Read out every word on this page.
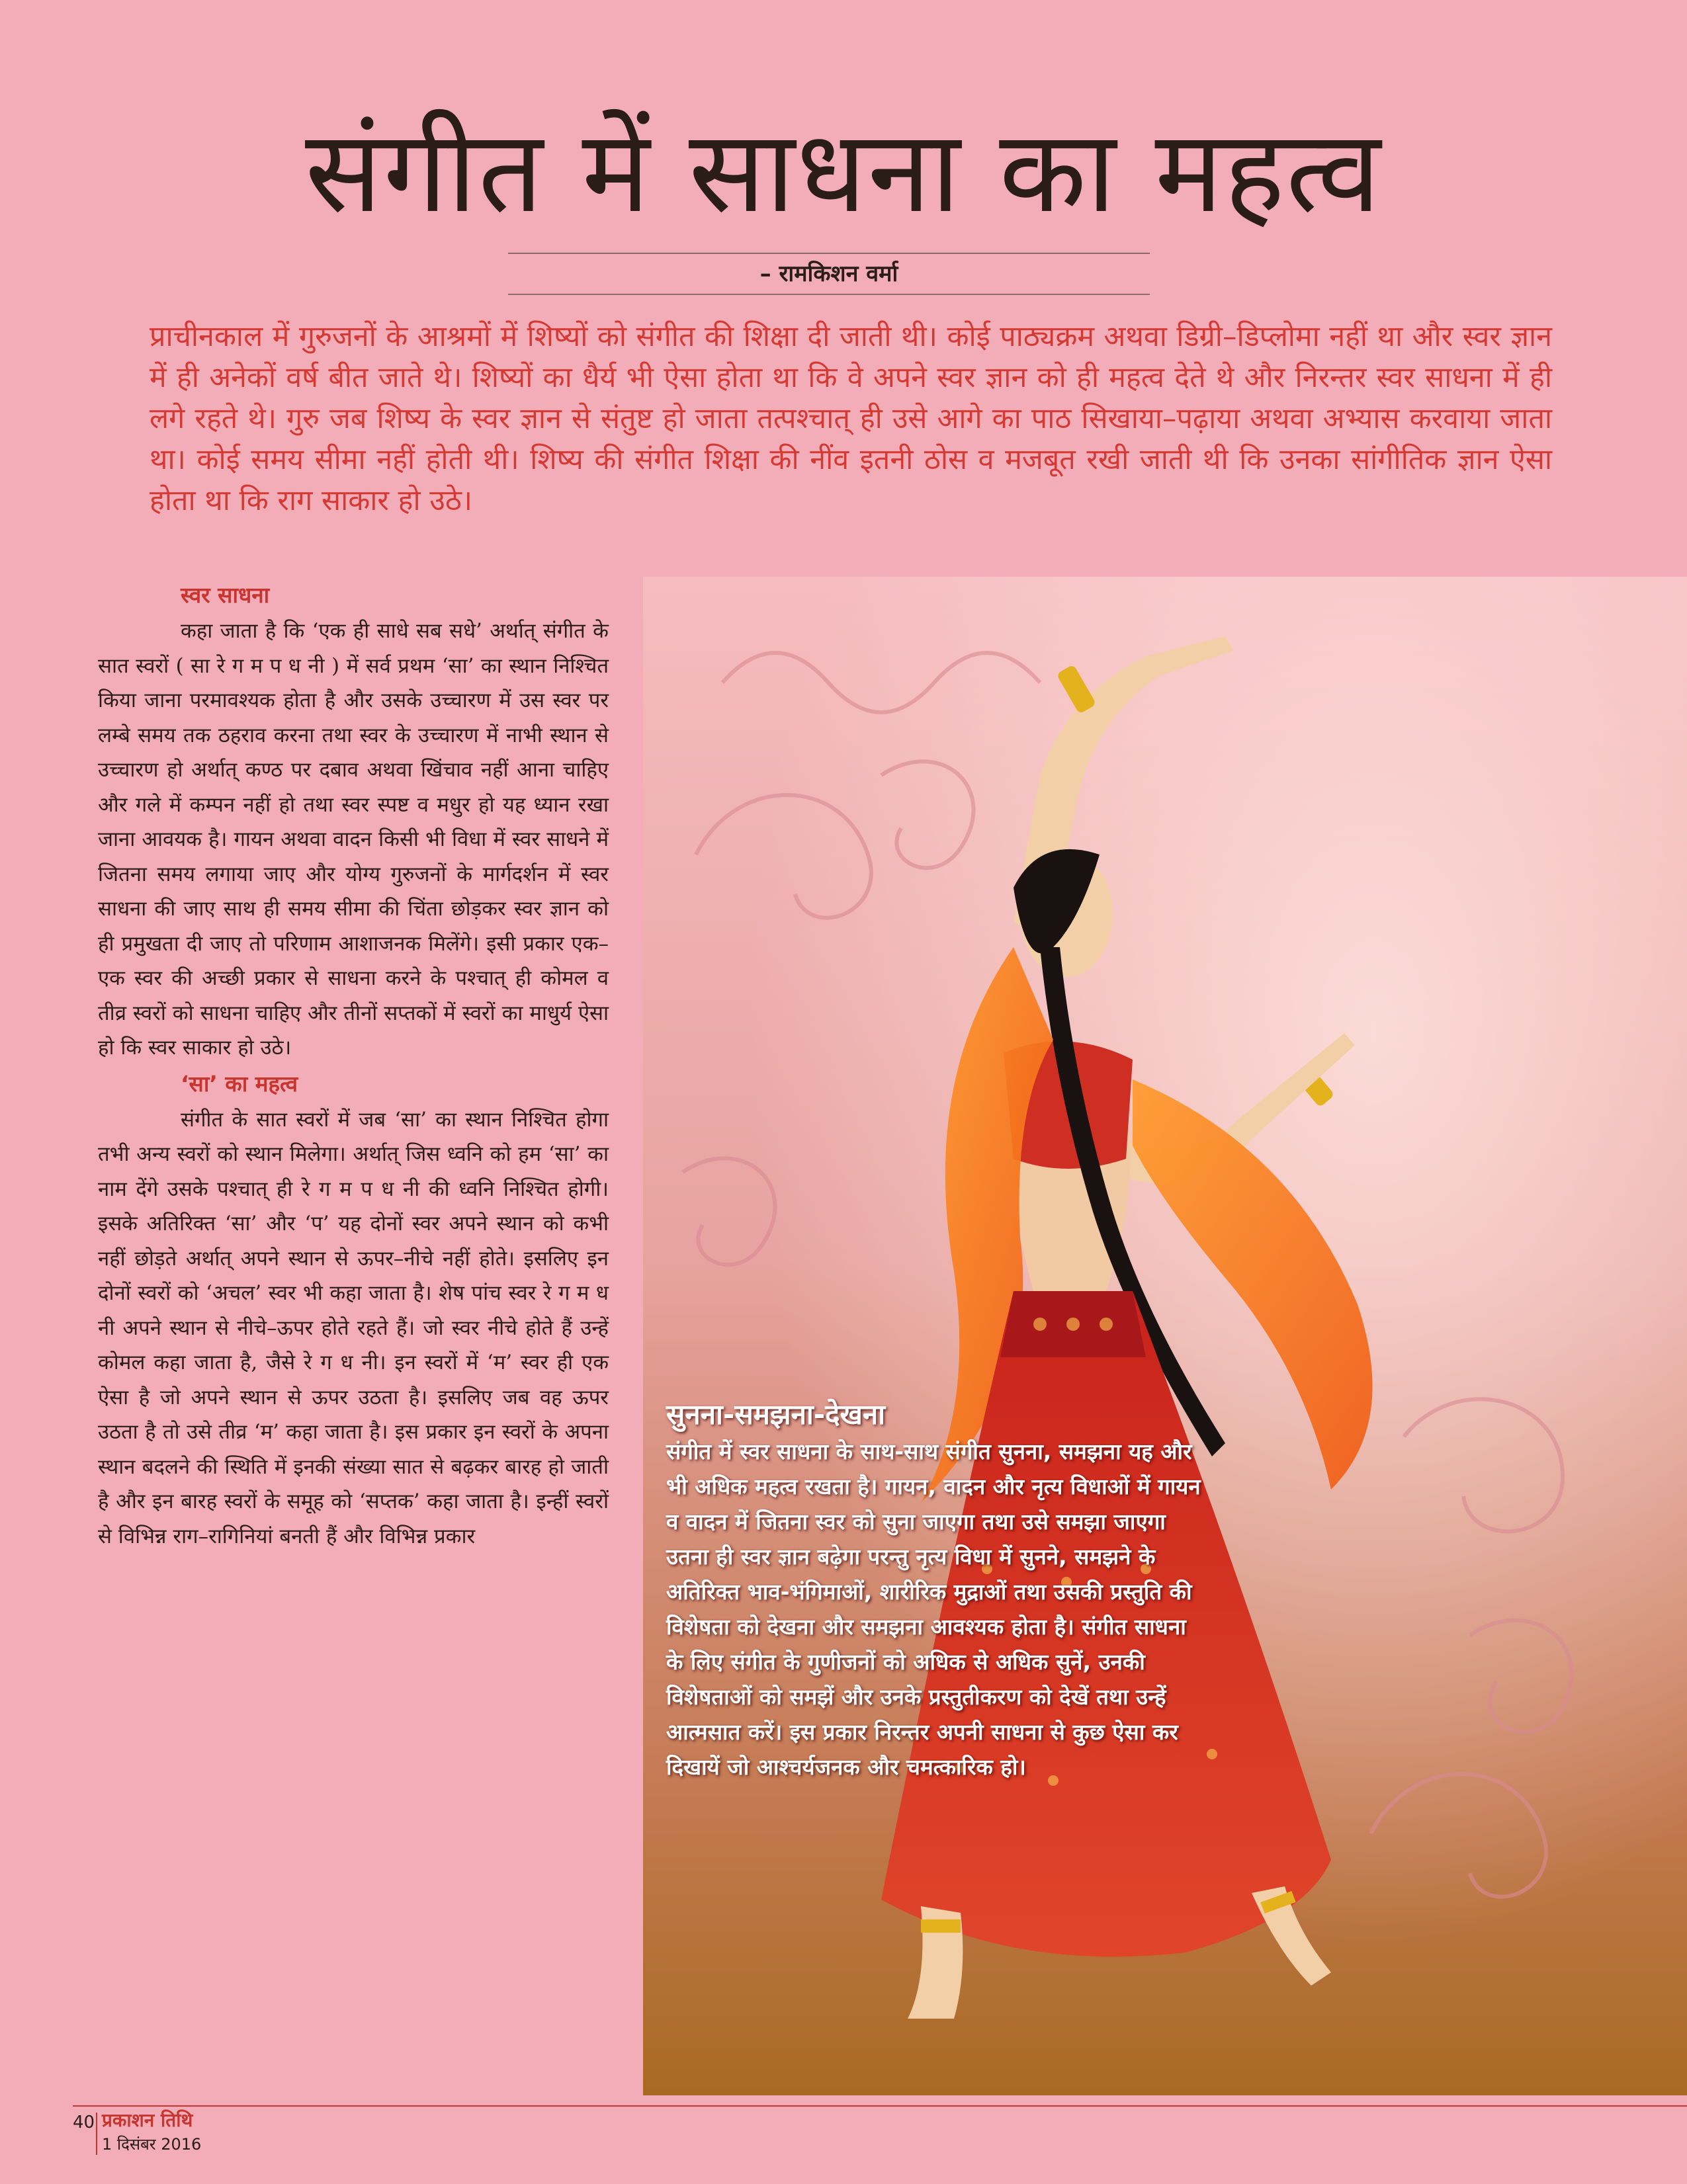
संगीत में साधना का महत्व
– रामकिशन वर्मा

प्राचीनकाल में गुरुजनों के आश्रमों में शिष्यों को संगीत की शिक्षा दी जाती थी। कोई पाठ्यक्रम अथवा डिग्री–डिप्लोमा नहीं था और स्वर ज्ञान में ही अनेकों वर्ष बीत जाते थे। शिष्यों का धैर्य भी ऐसा होता था कि वे अपने स्वर ज्ञान को ही महत्व देते थे और निरन्तर स्वर साधना में ही लगे रहते थे। गुरु जब शिष्य के स्वर ज्ञान से संतुष्ट हो जाता तत्पश्चात् ही उसे आगे का पाठ सिखाया–पढ़ाया अथवा अभ्यास करवाया जाता था। कोई समय सीमा नहीं होती थी। शिष्य की संगीत शिक्षा की नींव इतनी ठोस व मजबूत रखी जाती थी कि उनका सांगीतिक ज्ञान ऐसा होता था कि राग साकार हो उठे।

स्वर साधना

कहा जाता है कि ‘एक ही साधे सब सधे’ अर्थात् संगीत के सात स्वरों ( सा रे ग म प ध नी ) में सर्व प्रथम ‘सा’ का स्थान निश्चित किया जाना परमावश्यक होता है और उसके उच्चारण में उस स्वर पर लम्बे समय तक ठहराव करना तथा स्वर के उच्चारण में नाभी स्थान से उच्चारण हो अर्थात् कण्ठ पर दबाव अथवा खिंचाव नहीं आना चाहिए और गले में कम्पन नहीं हो तथा स्वर स्पष्ट व मधुर हो यह ध्यान रखा जाना आवयक है। गायन अथवा वादन किसी भी विधा में स्वर साधने में जितना समय लगाया जाए और योग्य गुरुजनों के मार्गदर्शन में स्वर साधना की जाए साथ ही समय सीमा की चिंता छोड़कर स्वर ज्ञान को ही प्रमुखता दी जाए तो परिणाम आशाजनक मिलेंगे। इसी प्रकार एक–एक स्वर की अच्छी प्रकार से साधना करने के पश्चात् ही कोमल व तीव्र स्वरों को साधना चाहिए और तीनों सप्तकों में स्वरों का माधुर्य ऐसा हो कि स्वर साकार हो उठे।

‘सा’ का महत्व

संगीत के सात स्वरों में जब ‘सा’ का स्थान निश्चित होगा तभी अन्य स्वरों को स्थान मिलेगा। अर्थात् जिस ध्वनि को हम ‘सा’ का नाम देंगे उसके पश्चात् ही रे ग म प ध नी की ध्वनि निश्चित होगी। इसके अतिरिक्त ‘सा’ और ‘प’ यह दोनों स्वर अपने स्थान को कभी नहीं छोड़ते अर्थात् अपने स्थान से ऊपर–नीचे नहीं होते। इसलिए इन दोनों स्वरों को ‘अचल’ स्वर भी कहा जाता है। शेष पांच स्वर रे ग म ध नी अपने स्थान से नीचे–ऊपर होते रहते हैं। जो स्वर नीचे होते हैं उन्हें कोमल कहा जाता है, जैसे रे ग ध नी। इन स्वरों में ‘म’ स्वर ही एक ऐसा है जो अपने स्थान से ऊपर उठता है। इसलिए जब वह ऊपर उठता है तो उसे तीव्र ‘म’ कहा जाता है। इस प्रकार इन स्वरों के अपना स्थान बदलने की स्थिति में इनकी संख्या सात से बढ़कर बारह हो जाती है और इन बारह स्वरों के समूह को ‘सप्तक’ कहा जाता है। इन्हीं स्वरों से विभिन्न राग–रागिनियां बनती हैं और विभिन्न प्रकार

सुनना-समझना-देखना

संगीत में स्वर साधना के साथ-साथ संगीत सुनना, समझना यह और भी अधिक महत्व रखता है। गायन, वादन और नृत्य विधाओं में गायन व वादन में जितना स्वर को सुना जाएगा तथा उसे समझा जाएगा उतना ही स्वर ज्ञान बढ़ेगा परन्तु नृत्य विधा में सुनने, समझने के अतिरिक्त भाव-भंगिमाओं, शारीरिक मुद्राओं तथा उसकी प्रस्तुति की विशेषता को देखना और समझना आवश्यक होता है। संगीत साधना के लिए संगीत के गुणीजनों को अधिक से अधिक सुनें, उनकी विशेषताओं को समझें और उनके प्रस्तुतीकरण को देखें तथा उन्हें आत्मसात करें। इस प्रकार निरन्तर अपनी साधना से कुछ ऐसा कर दिखायें जो आश्चर्यजनक और चमत्कारिक हो।

40 प्रकाशन तिथि
1 दिसंबर 2016
